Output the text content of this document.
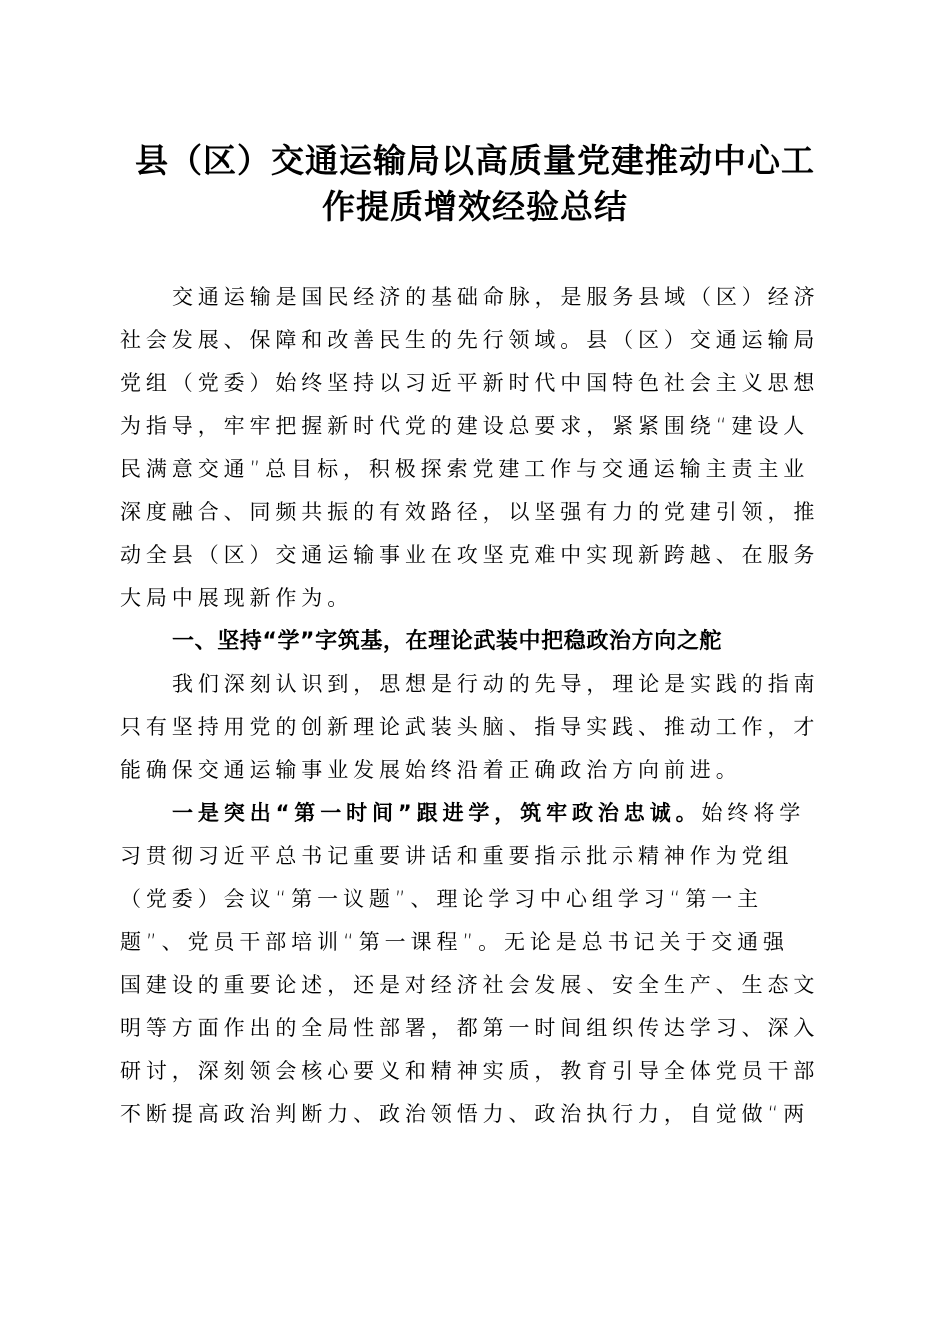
县（区）交通运输局以高质量党建推动中心工
作提质增效经验总结
交通运输是国民经济的基础命脉，是服务县域（区）经济
社会发展、保障和改善民生的先行领域。县（区）交通运输局
党组（党委）始终坚持以习近平新时代中国特色社会主义思想
为指导，牢牢把握新时代党的建设总要求，紧紧围绕“建设人
民满意交通”总目标，积极探索党建工作与交通运输主责主业
深度融合、同频共振的有效路径，以坚强有力的党建引领，推
动全县（区）交通运输事业在攻坚克难中实现新跨越、在服务
大局中展现新作为。
一、坚持“学”字筑基，在理论武装中把稳政治方向之舵
我们深刻认识到，思想是行动的先导，理论是实践的指南
只有坚持用党的创新理论武装头脑、指导实践、推动工作，才
能确保交通运输事业发展始终沿着正确政治方向前进。
一是突出“第一时间”跟进学，筑牢政治忠诚。始终将学
习贯彻习近平总书记重要讲话和重要指示批示精神作为党组
（党委）会议“第一议题”、理论学习中心组学习“第一主
题”、党员干部培训“第一课程”。无论是总书记关于交通强
国建设的重要论述，还是对经济社会发展、安全生产、生态文
明等方面作出的全局性部署，都第一时间组织传达学习、深入
研讨，深刻领会核心要义和精神实质，教育引导全体党员干部
不断提高政治判断力、政治领悟力、政治执行力，自觉做“两
